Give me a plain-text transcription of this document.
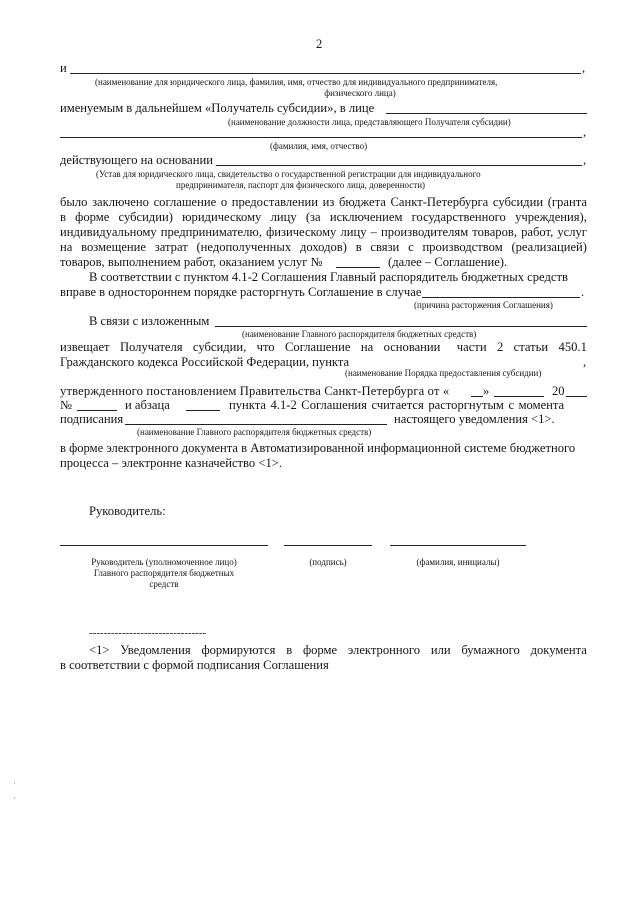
2
и	,
(наименование для юридического лица, фамилия, имя, отчество для индивидуального предпринимателя,
физического лица)
именуемым в дальнейшем «Получатель субсидии», в лице
(наименование должности лица, представляющего Получателя субсидии)
,
(фамилия, имя, отчество)
действующего на основании	,
(Устав для юридического лица, свидетельство о государственной регистрации для индивидуального
предпринимателя, паспорт для физического лица, доверенности)
было заключено соглашение о предоставлении из бюджета Санкт-Петербурга субсидии (гранта
в форме субсидии) юридическому лицу (за исключением государственного учреждения),
индивидуальному предпринимателю, физическому лицу – производителям товаров, работ, услуг
на возмещение затрат (недополученных доходов) в связи с производством (реализацией)
товаров, выполнением работ, оказанием услуг №	(далее – Соглашение).
В соответствии с пунктом 4.1-2 Соглашения Главный распорядитель бюджетных средств
вправе в одностороннем порядке расторгнуть Соглашение в случае	.
(причина расторжения Соглашения)
В связи с изложенным
(наименование Главного распорядителя бюджетных средств)
извещает Получателя субсидии, что Соглашение на основании части 2 статьи 450.1
Гражданского кодекса Российской Федерации, пункта	,
(наименование Порядка предоставления субсидии)
утвержденного постановлением Правительства Санкт-Петербурга от «	»	20
№	и абзаца	пункта 4.1-2 Соглашения считается расторгнутым с момента
подписания	настоящего уведомления <1>.
(наименование Главного распорядителя бюджетных средств)
в форме электронного документа в Автоматизированной информационной системе бюджетного
процесса – электронне казначейство <1>.
Руководитель:
Руководитель (уполномоченное лицо)
Главного распорядителя бюджетных
средств
(подпись)	(фамилия, инициалы)
--------------------------------
<1> Уведомления формируются в форме электронного или бумажного документа
в соответствии с формой подписания Соглашения
